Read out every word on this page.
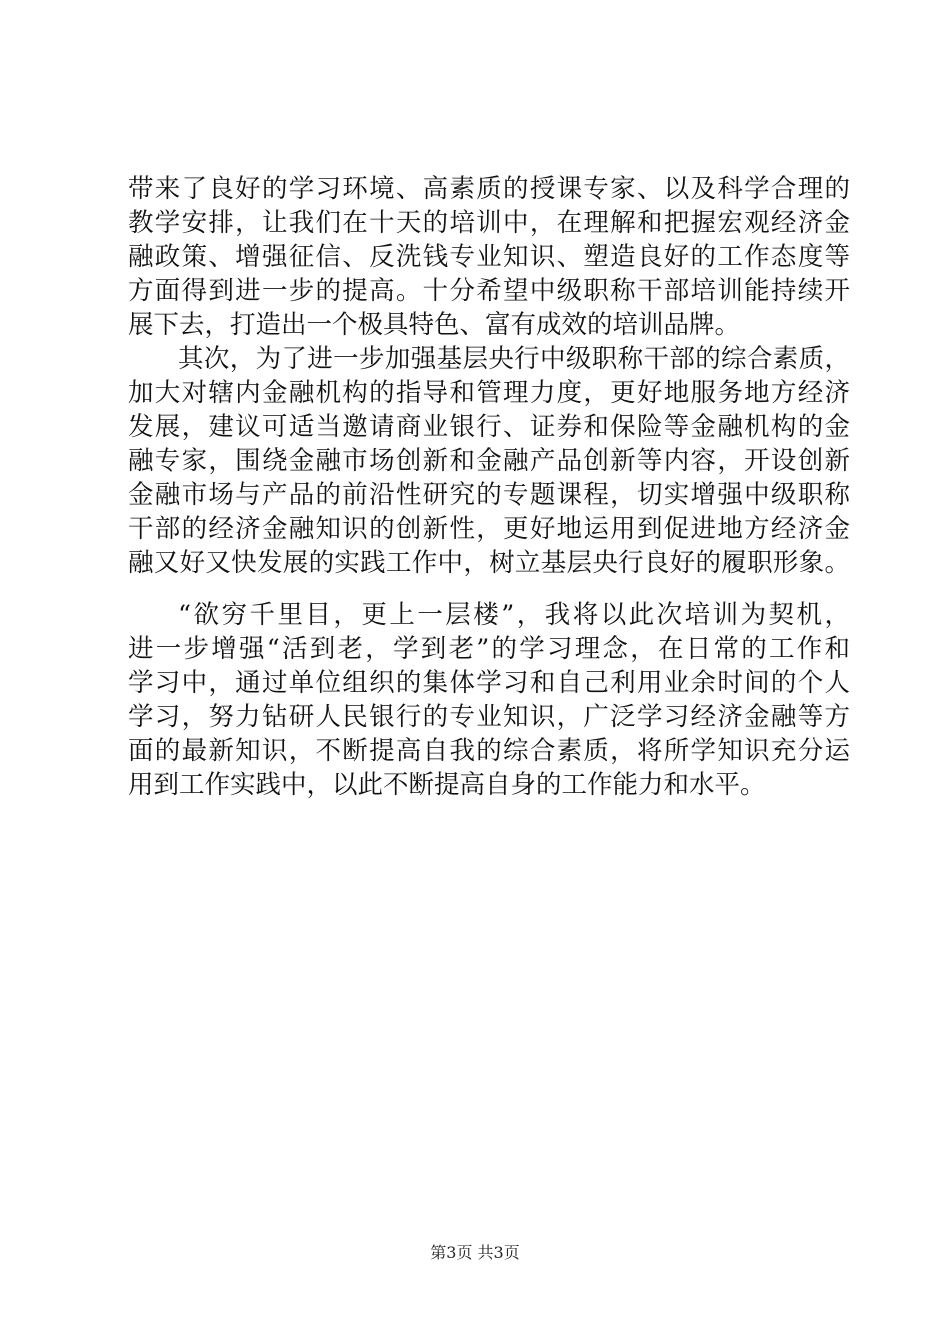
带来了良好的学习环境、高素质的授课专家、以及科学合理的
教学安排，让我们在十天的培训中，在理解和把握宏观经济金
融政策、增强征信、反洗钱专业知识、塑造良好的工作态度等
方面得到进一步的提高。十分希望中级职称干部培训能持续开
展下去，打造出一个极具特色、富有成效的培训品牌。
其次，为了进一步加强基层央行中级职称干部的综合素质，
加大对辖内金融机构的指导和管理力度，更好地服务地方经济
发展，建议可适当邀请商业银行、证券和保险等金融机构的金
融专家，围绕金融市场创新和金融产品创新等内容，开设创新
金融市场与产品的前沿性研究的专题课程，切实增强中级职称
干部的经济金融知识的创新性，更好地运用到促进地方经济金
融又好又快发展的实践工作中，树立基层央行良好的履职形象。
“欲穷千里目，更上一层楼”，我将以此次培训为契机，
进一步增强“活到老，学到老”的学习理念，在日常的工作和
学习中，通过单位组织的集体学习和自己利用业余时间的个人
学习，努力钻研人民银行的专业知识，广泛学习经济金融等方
面的最新知识，不断提高自我的综合素质，将所学知识充分运
用到工作实践中，以此不断提高自身的工作能力和水平。
第3页 共3页
